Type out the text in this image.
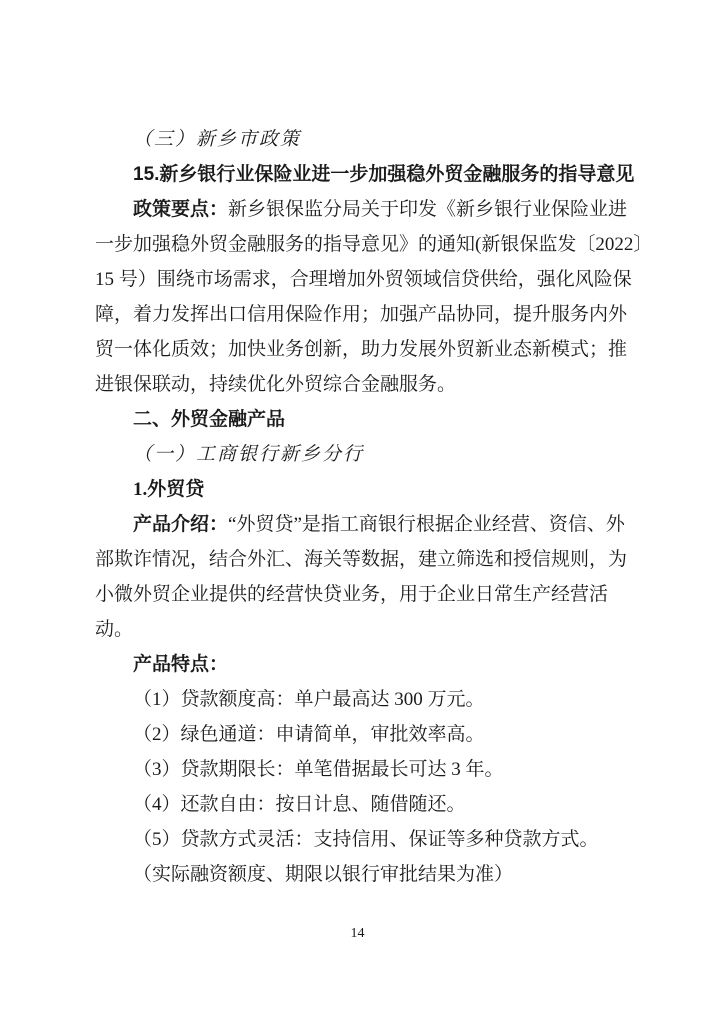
（三）新乡市政策

15.新乡银行业保险业进一步加强稳外贸金融服务的指导意见

政策要点：新乡银保监分局关于印发《新乡银行业保险业进一步加强稳外贸金融服务的指导意见》的通知(新银保监发〔2022〕15 号）围绕市场需求，合理增加外贸领域信贷供给，强化风险保障，着力发挥出口信用保险作用；加强产品协同，提升服务内外贸一体化质效；加快业务创新，助力发展外贸新业态新模式；推进银保联动，持续优化外贸综合金融服务。

二、外贸金融产品

（一）工商银行新乡分行

1.外贸贷

产品介绍：“外贸贷”是指工商银行根据企业经营、资信、外部欺诈情况，结合外汇、海关等数据，建立筛选和授信规则，为小微外贸企业提供的经营快贷业务，用于企业日常生产经营活动。

产品特点：

（1）贷款额度高：单户最高达 300 万元。

（2）绿色通道：申请简单，审批效率高。

（3）贷款期限长：单笔借据最长可达 3 年。

（4）还款自由：按日计息、随借随还。

（5）贷款方式灵活：支持信用、保证等多种贷款方式。

（实际融资额度、期限以银行审批结果为准）

14
